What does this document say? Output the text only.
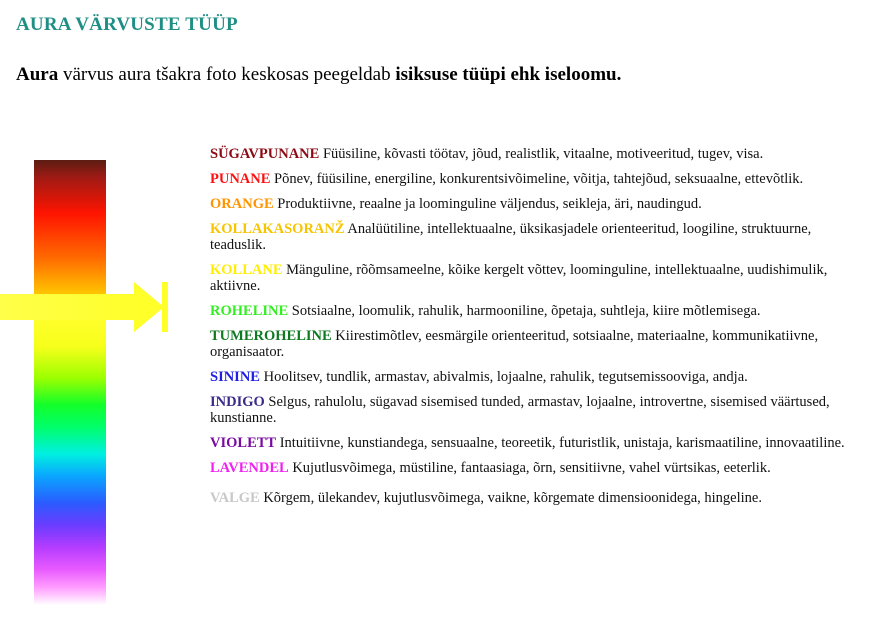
AURA VÄRVUSTE TÜÜP
Aura värvus aura tšakra foto keskosas peegeldab isiksuse tüüpi ehk iseloomu.
SÜGAVPUNANE Füüsiline, kõvasti töötav, jõud, realistlik, vitaalne, motiveeritud, tugev, visa.
PUNANE Põnev, füüsiline, energiline, konkurentsivõimeline, võitja, tahtejõud, seksuaalne, ettevõtlik.
ORANGE Produktiivne, reaalne ja loominguline väljendus, seikleja, äri, naudingud.
KOLLAKASORANŽ Analüütiline, intellektuaalne, üksikasjadele orienteeritud, loogiline, struktuurne, teaduslik.
KOLLANE Mänguline, rõõmsameelne, kõike kergelt võttev, loominguline, intellektuaalne, uudishimulik, aktiivne.
ROHELINE Sotsiaalne, loomulik, rahulik, harmooniline, õpetaja, suhtleja, kiire mõtlemisega.
TUMEROHELINE Kiirestimõtlev, eesmärgile orienteeritud, sotsiaalne, materiaalne, kommunikatiivne, organisaator.
SININE Hoolitsev, tundlik, armastav, abivalmis, lojaalne, rahulik, tegutsemissooviga, andja.
INDIGO Selgus, rahulolu, sügavad sisemised tunded, armastav, lojaalne, introvertne, sisemised väärtused, kunstianne.
VIOLETT Intuitiivne, kunstiandega, sensuaalne, teoreetik, futuristlik, unistaja, karismaatiline, innovaatiline.
LAVENDEL Kujutlusvõimega, müstiline, fantaasiaga, õrn, sensitiivne, vahel vürtsikas, eeterlik.
VALGE Kõrgem, ülekandev, kujutlusvõimega, vaikne, kõrgemate dimensioonidega, hingeline.
